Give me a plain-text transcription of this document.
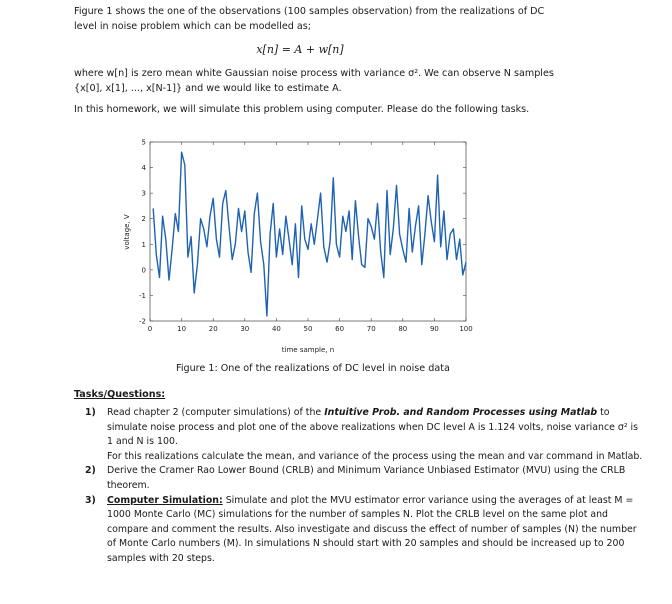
Figure 1 shows the one of the observations (100 samples observation) from the realizations of DC
level in noise problem which can be modelled as;
x[n] = A + w[n]
where w[n] is zero mean white Gaussian noise process with variance σ². We can observe N samples
{x[0], x[1], ..., x[N-1]} and we would like to estimate A.
In this homework, we will simulate this problem using computer. Please do the following tasks.
0	10	20	30	40	50	60	70	80	90	100
-2
-1
0
1
2
3
4
5
time sample, n
voltage, V
Figure 1: One of the realizations of DC level in noise data
Tasks/Questions:
1) Read chapter 2 (computer simulations) of the Intuitive Prob. and Random Processes using Matlab to simulate noise process and plot one of the above realizations when DC level A is 1.124 volts, noise variance σ² is 1 and N is 100.
For this realizations calculate the mean, and variance of the process using the mean and var command in Matlab.
2) Derive the Cramer Rao Lower Bound (CRLB) and Minimum Variance Unbiased Estimator (MVU) using the CRLB theorem.
3) Computer Simulation: Simulate and plot the MVU estimator error variance using the averages of at least M = 1000 Monte Carlo (MC) simulations for the number of samples N. Plot the CRLB level on the same plot and compare and comment the results. Also investigate and discuss the effect of number of samples (N) the number of Monte Carlo numbers (M). In simulations N should start with 20 samples and should be increased up to 200 samples with 20 steps.
